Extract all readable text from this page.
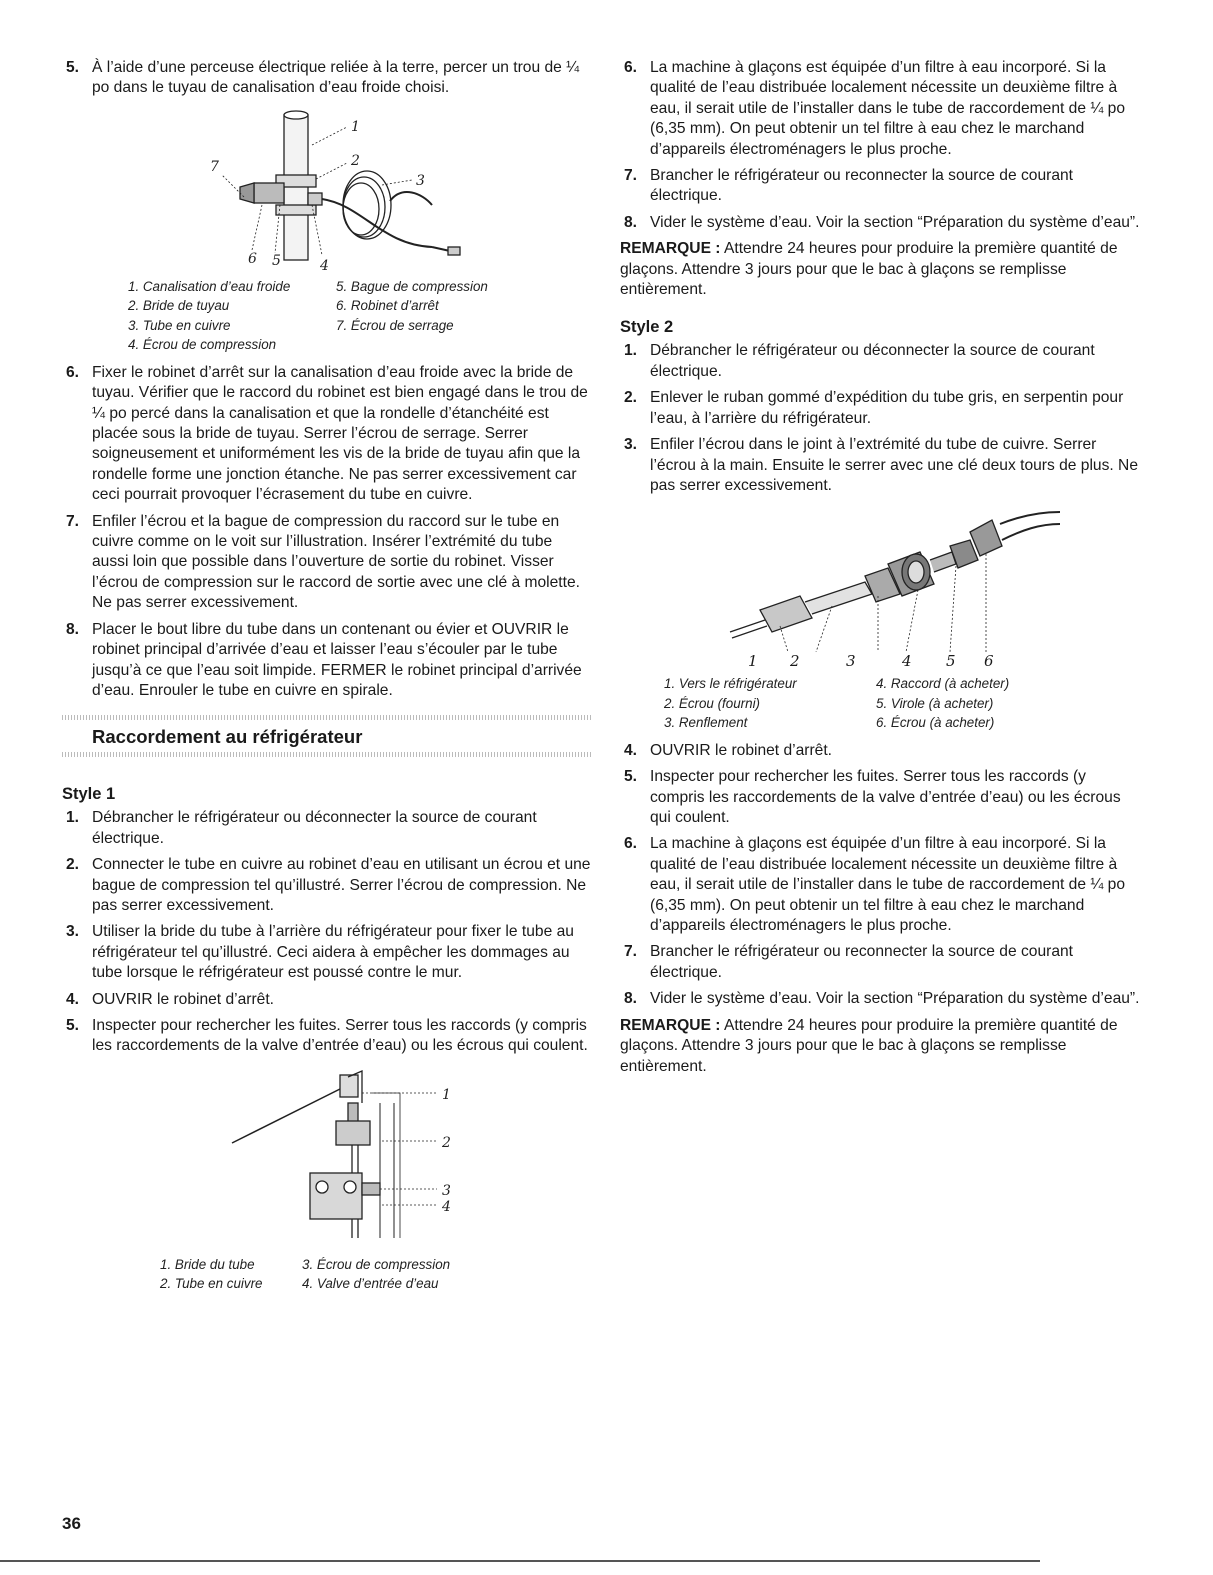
5. À l’aide d’une perceuse électrique reliée à la terre, percer un trou de ¼ po dans le tuyau de canalisation d’eau froide choisi.
1
2
3
4
5
6
7
1. Canalisation d’eau froide	5. Bague de compression
2. Bride de tuyau	6. Robinet d’arrêt
3. Tube en cuivre	7. Écrou de serrage
4. Écrou de compression
6. Fixer le robinet d’arrêt sur la canalisation d’eau froide avec la bride de tuyau. Vérifier que le raccord du robinet est bien engagé dans le trou de ¼ po percé dans la canalisation et que la rondelle d’étanchéité est placée sous la bride de tuyau. Serrer l’écrou de serrage. Serrer soigneusement et uniformément les vis de la bride de tuyau afin que la rondelle forme une jonction étanche. Ne pas serrer excessivement car ceci pourrait provoquer l’écrasement du tube en cuivre.
7. Enfiler l’écrou et la bague de compression du raccord sur le tube en cuivre comme on le voit sur l’illustration. Insérer l’extrémité du tube aussi loin que possible dans l’ouverture de sortie du robinet. Visser l’écrou de compression sur le raccord de sortie avec une clé à molette. Ne pas serrer excessivement.
8. Placer le bout libre du tube dans un contenant ou évier et OUVRIR le robinet principal d’arrivée d’eau et laisser l’eau s’écouler par le tube jusqu’à ce que l’eau soit limpide. FERMER le robinet principal d’arrivée d’eau. Enrouler le tube en cuivre en spirale.
Raccordement au réfrigérateur
Style 1
1. Débrancher le réfrigérateur ou déconnecter la source de courant électrique.
2. Connecter le tube en cuivre au robinet d’eau en utilisant un écrou et une bague de compression tel qu’illustré. Serrer l’écrou de compression. Ne pas serrer excessivement.
3. Utiliser la bride du tube à l’arrière du réfrigérateur pour fixer le tube au réfrigérateur tel qu’illustré. Ceci aidera à empêcher les dommages au tube lorsque le réfrigérateur est poussé contre le mur.
4. OUVRIR le robinet d’arrêt.
5. Inspecter pour rechercher les fuites. Serrer tous les raccords (y compris les raccordements de la valve d’entrée d’eau) ou les écrous qui coulent.
1
2
3
4
1. Bride du tube	3. Écrou de compression
2. Tube en cuivre	4. Valve d’entrée d’eau
6. La machine à glaçons est équipée d’un filtre à eau incorporé. Si la qualité de l’eau distribuée localement nécessite un deuxième filtre à eau, il serait utile de l’installer dans le tube de raccordement de ¼ po (6,35 mm). On peut obtenir un tel filtre à eau chez le marchand d’appareils électroménagers le plus proche.
7. Brancher le réfrigérateur ou reconnecter la source de courant électrique.
8. Vider le système d’eau. Voir la section “Préparation du système d’eau”.
REMARQUE : Attendre 24 heures pour produire la première quantité de glaçons. Attendre 3 jours pour que le bac à glaçons se remplisse entièrement.
Style 2
1. Débrancher le réfrigérateur ou déconnecter la source de courant électrique.
2. Enlever le ruban gommé d’expédition du tube gris, en serpentin pour l’eau, à l’arrière du réfrigérateur.
3. Enfiler l’écrou dans le joint à l’extrémité du tube de cuivre. Serrer l’écrou à la main. Ensuite le serrer avec une clé deux tours de plus. Ne pas serrer excessivement.
1 2	3	4 5 6
1. Vers le réfrigérateur	4. Raccord (à acheter)
2. Écrou (fourni)	5. Virole (à acheter)
3. Renflement	6. Écrou (à acheter)
4. OUVRIR le robinet d’arrêt.
5. Inspecter pour rechercher les fuites. Serrer tous les raccords (y compris les raccordements de la valve d’entrée d’eau) ou les écrous qui coulent.
6. La machine à glaçons est équipée d’un filtre à eau incorporé. Si la qualité de l’eau distribuée localement nécessite un deuxième filtre à eau, il serait utile de l’installer dans le tube de raccordement de ¼ po (6,35 mm). On peut obtenir un tel filtre à eau chez le marchand d’appareils électroménagers le plus proche.
7. Brancher le réfrigérateur ou reconnecter la source de courant électrique.
8. Vider le système d’eau. Voir la section “Préparation du système d’eau”.
REMARQUE : Attendre 24 heures pour produire la première quantité de glaçons. Attendre 3 jours pour que le bac à glaçons se remplisse entièrement.
36
